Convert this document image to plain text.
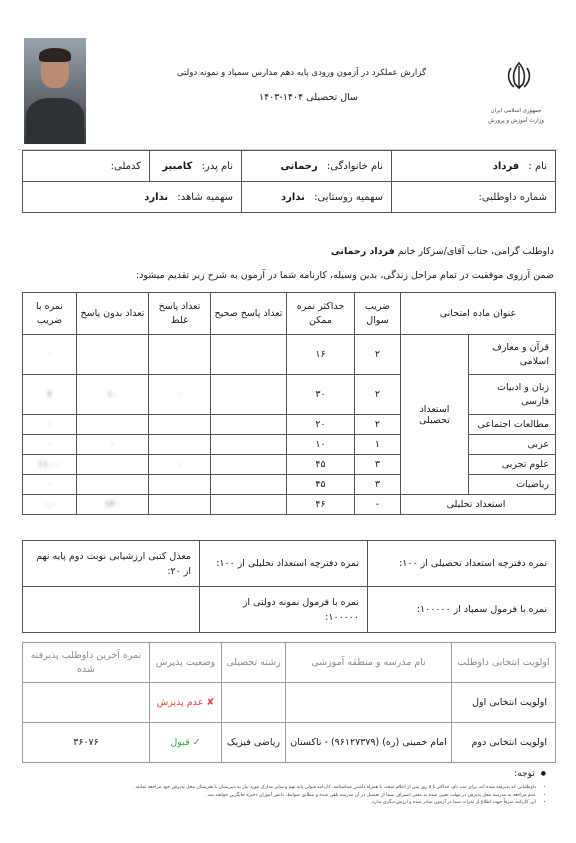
گزارش عملکرد در آزمون ورودی پایه دهم مدارس سمپاد و نمونه دولتی
سال تحصیلی ۱۴۰۴-۱۴۰۳
جمهوری اسلامی ایران
وزارت آموزش و پرورش
نام : فرداد	نام خانوادگی: رحمانی	نام پدر: کامبیز	کدملی:
شماره داوطلبی:	سهمیه روستایی: ندارد	سهمیه شاهد: ندارد	
داوطلب گرامی، جناب آقای/سرکار خانم فرداد رحمانی
ضمن آرزوی موفقیت در تمام مراحل زندگی، بدین وسیله، کارنامه شما در آزمون به شرح زیر تقدیم میشود:
عنوان ماده امتحانی		ضریب سوال	حداکثر نمره ممکن	تعداد پاسخ صحیح	تعداد پاسخ غلط	تعداد بدون پاسخ	نمره با ضریب
قرآن و معارف اسلامی	استعداد تحصیلی	۲	۱۶				۰
زبان و ادبیات فارسی		۲	۳۰		۰	۱۰	۶
مطالعات اجتماعی		۲	۲۰				۰
عربی		۱	۱۰			۰	۰
علوم تجربی		۳	۴۵		۰		۱۱.۰۰
ریاضیات		۳	۴۵				۰
استعداد تحلیلی		-	۴۶			۱۲۰	۰.۰
نمره دفترچه استعداد تحصیلی از ۱۰۰:	نمره دفترچه استعداد تحلیلی از ۱۰۰:	معدل کتبی ارزشیابی نوبت دوم پایه نهم از ۲۰:
نمره با فرمول سمپاد از ۱۰۰۰۰۰:	نمره با فرمول نمونه دولتی از ۱۰۰۰۰۰:	
اولویت انتخابی داوطلب	نام مدرسه و منطقه آموزشی	رشته تحصیلی	وضعیت پذیرش	نمره آخرین داوطلب پذیرفته شده
اولویت انتخابی اول			✘ عدم پذیرش	
اولویت انتخابی دوم	امام خمینی (ره) (۹۶۱۲۷۳۷۹) - تاکستان	ریاضی فیزیک	✓ قبول	۳۶۰۷۶
● توجه:
• داوطلبانی که پذیرفته شده اند، برای ثبت نام، حداکثر تا ۵ روز پس از اعلام نتیجه، با همراه داشتن شناسنامه، کارنامه قبولی پایه نهم و سایر مدارک مورد نیاز به دبیرستان یا هنرستان محل پذیرش خود مراجعه نمایند.
• عدم مراجعه به مدرسه محل پذیرش در مهلت تعیین شده به معنی انصراف شما از تحصیل در آن مدرسه تلقی شده و مطابق ضوابط، دانش آموزان ذخیره جایگزین خواهند شد.
• این کارنامه صرفاً جهت اطلاع از نمرات شما در آزمون صادر شده و ارزش دیگری ندارد.
